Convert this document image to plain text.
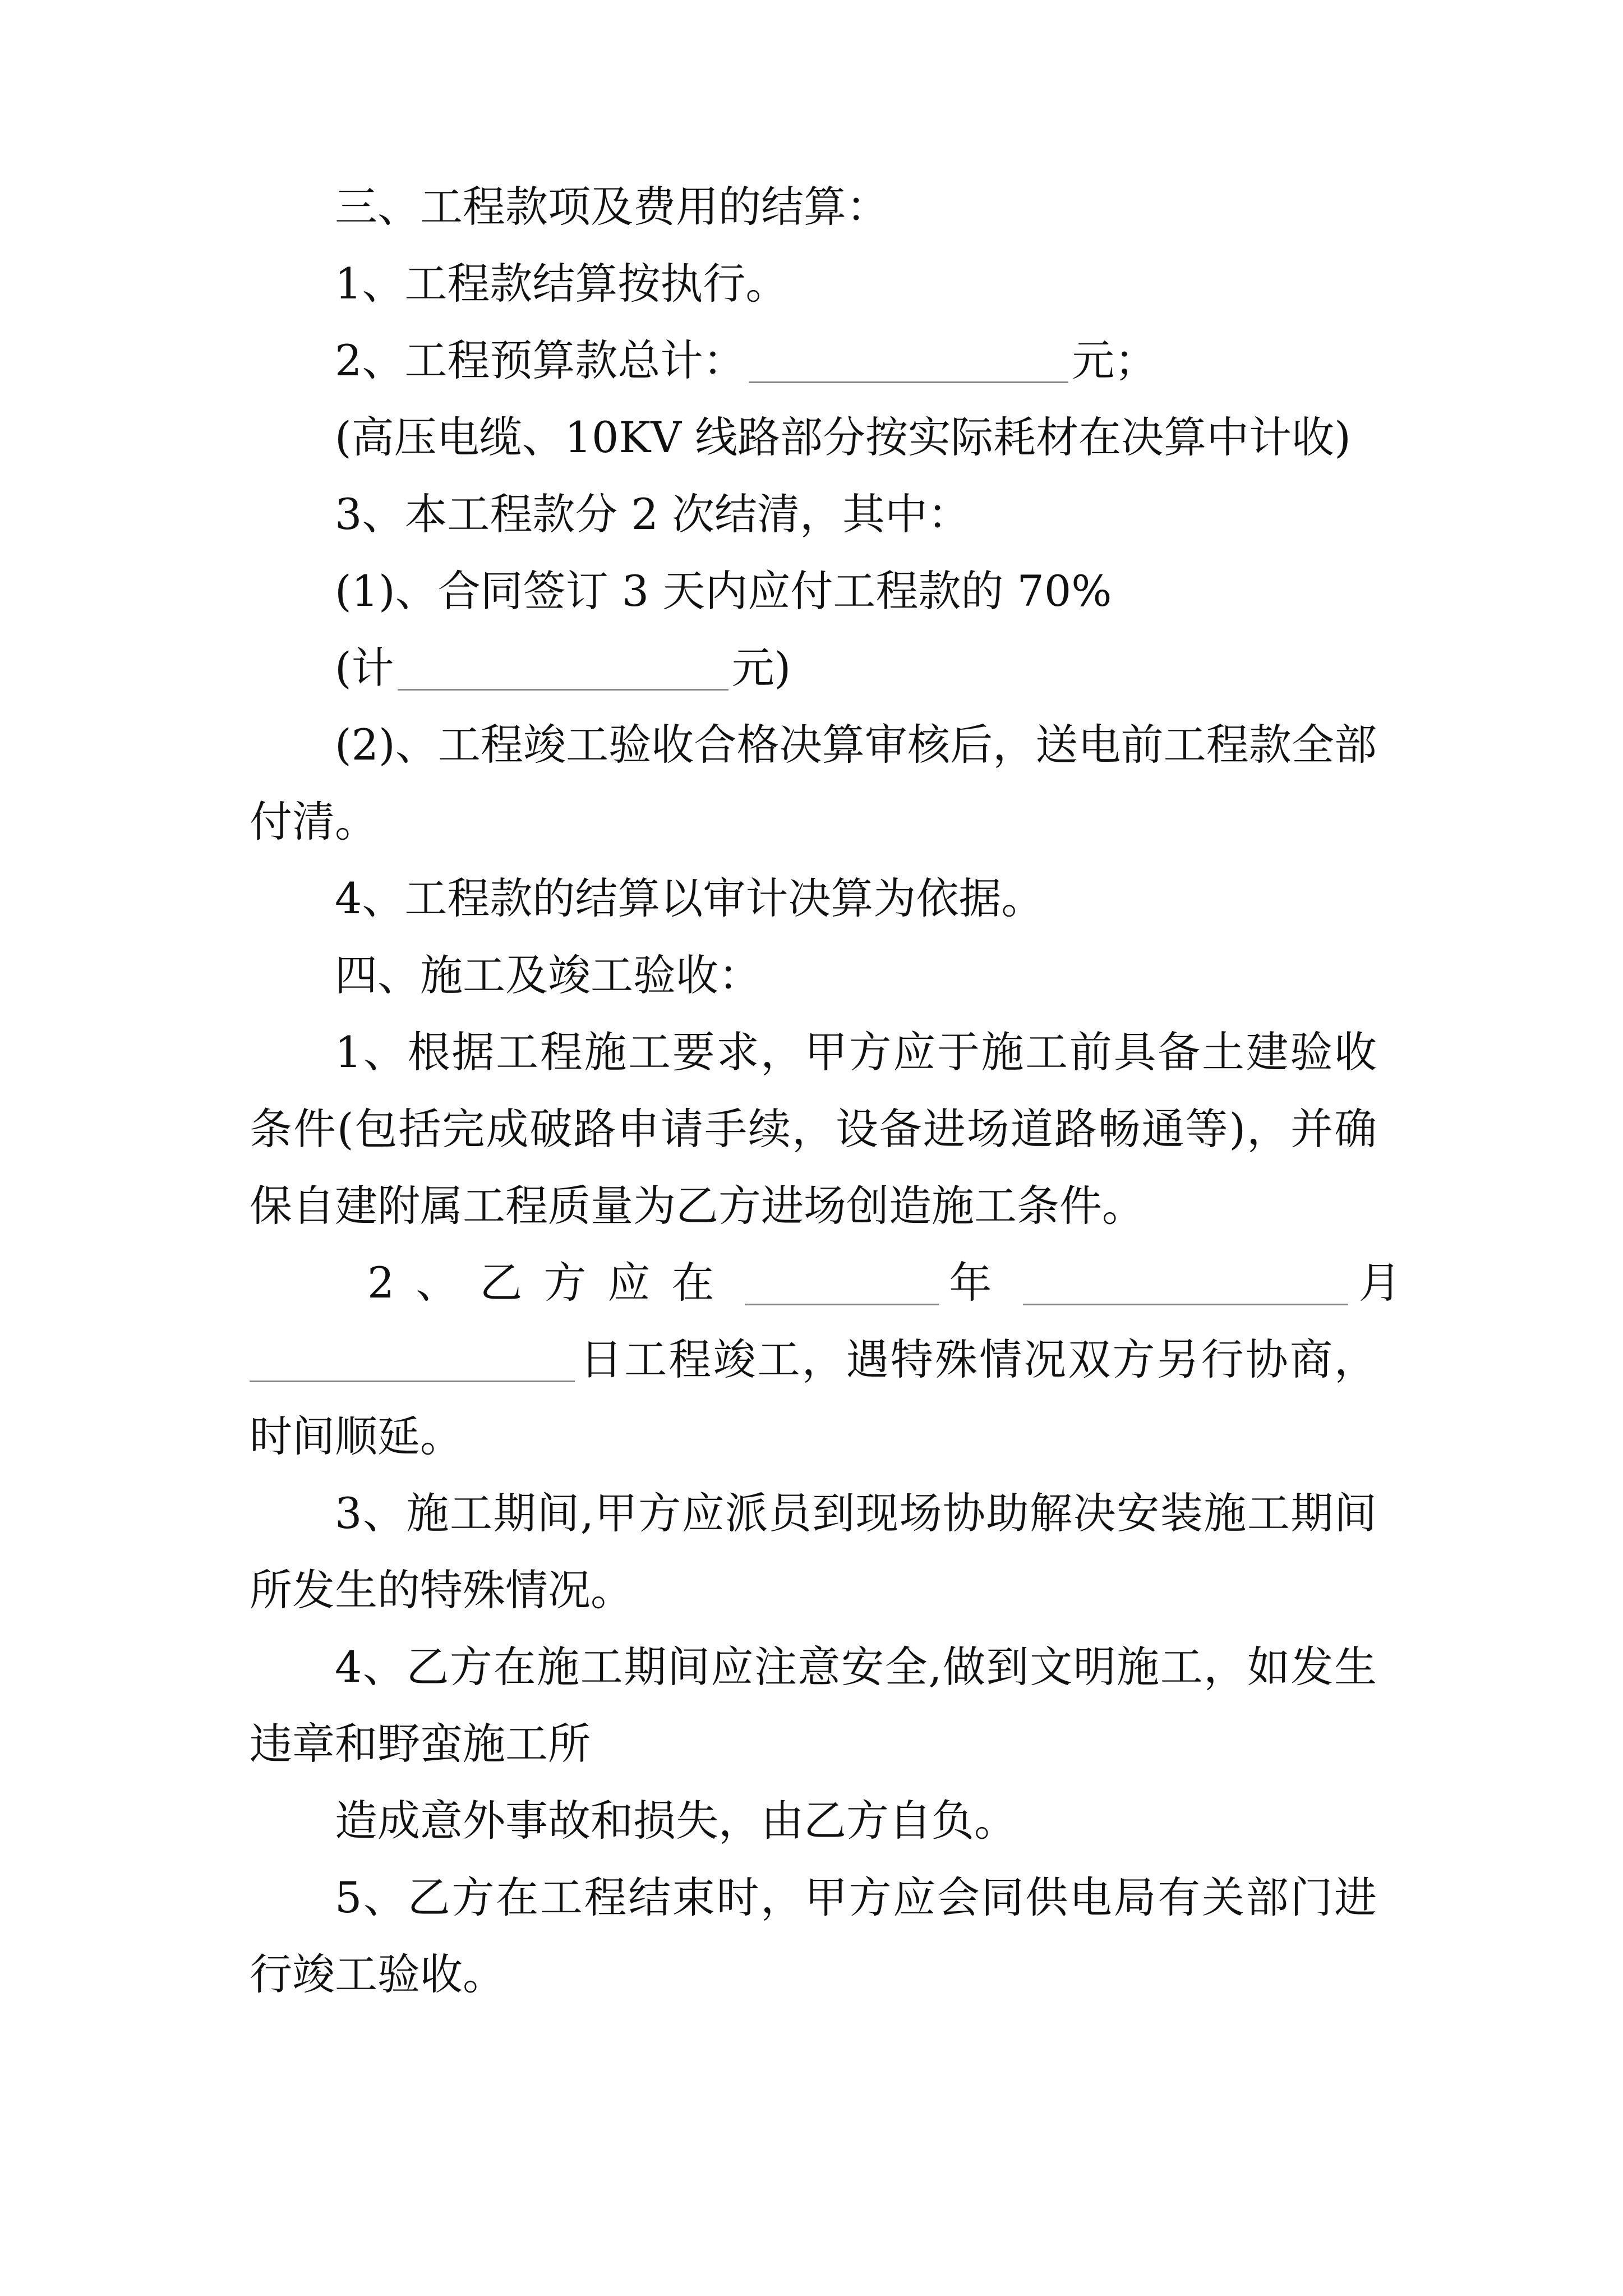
三、工程款项及费用的结算：

1、工程款结算按执行。

2、工程预算款总计：	元；

(高压电缆、10KV 线路部分按实际耗材在决算中计收)

3、本工程款分 2 次结清，其中：

(1)、合同签订 3 天内应付工程款的 70%

(计	元)

(2)、工程竣工验收合格决算审核后，送电前工程款全部付清。

4、工程款的结算以审计决算为依据。

四、施工及竣工验收：

1、根据工程施工要求，甲方应于施工前具备土建验收条件(包括完成破路申请手续，设备进场道路畅通等)，并确保自建附属工程质量为乙方进场创造施工条件。

2、乙方应在	年	月

日工程竣工，遇特殊情况双方另行协商，时间顺延。

3、施工期间,甲方应派员到现场协助解决安装施工期间所发生的特殊情况。

4、乙方在施工期间应注意安全,做到文明施工，如发生违章和野蛮施工所

造成意外事故和损失，由乙方自负。

5、乙方在工程结束时，甲方应会同供电局有关部门进行竣工验收。
